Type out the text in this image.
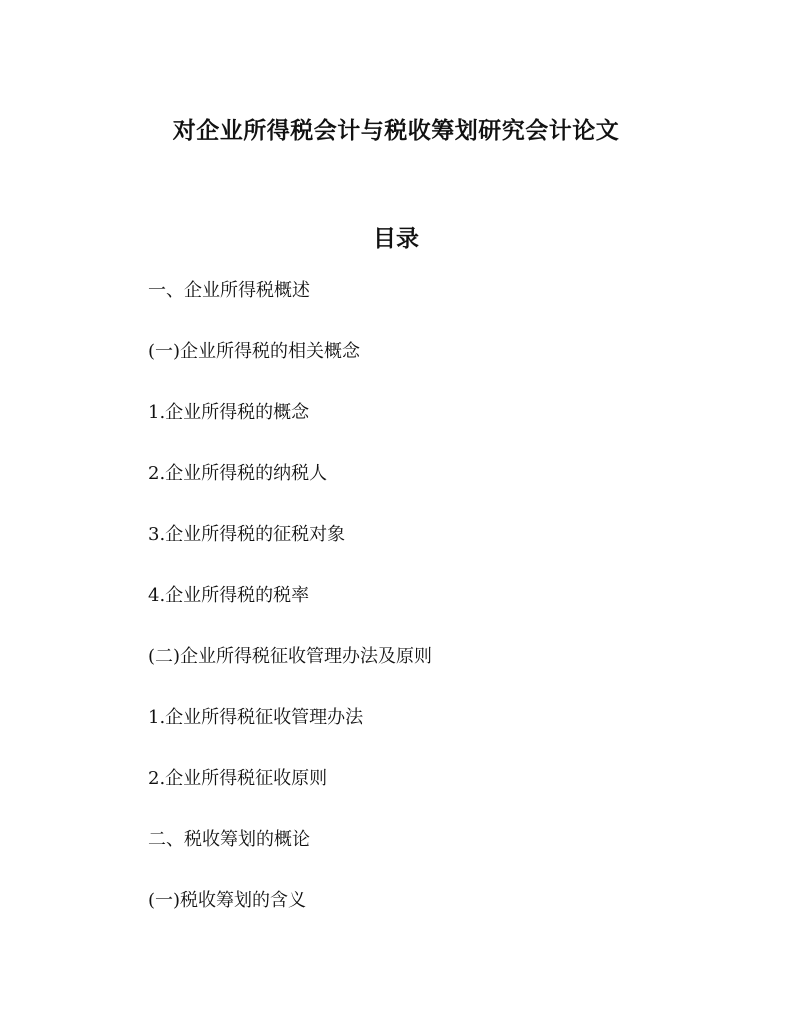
对企业所得税会计与税收筹划研究会计论文
目录
一、企业所得税概述
(一)企业所得税的相关概念
1.企业所得税的概念
2.企业所得税的纳税人
3.企业所得税的征税对象
4.企业所得税的税率
(二)企业所得税征收管理办法及原则
1.企业所得税征收管理办法
2.企业所得税征收原则
二、税收筹划的概论
(一)税收筹划的含义
